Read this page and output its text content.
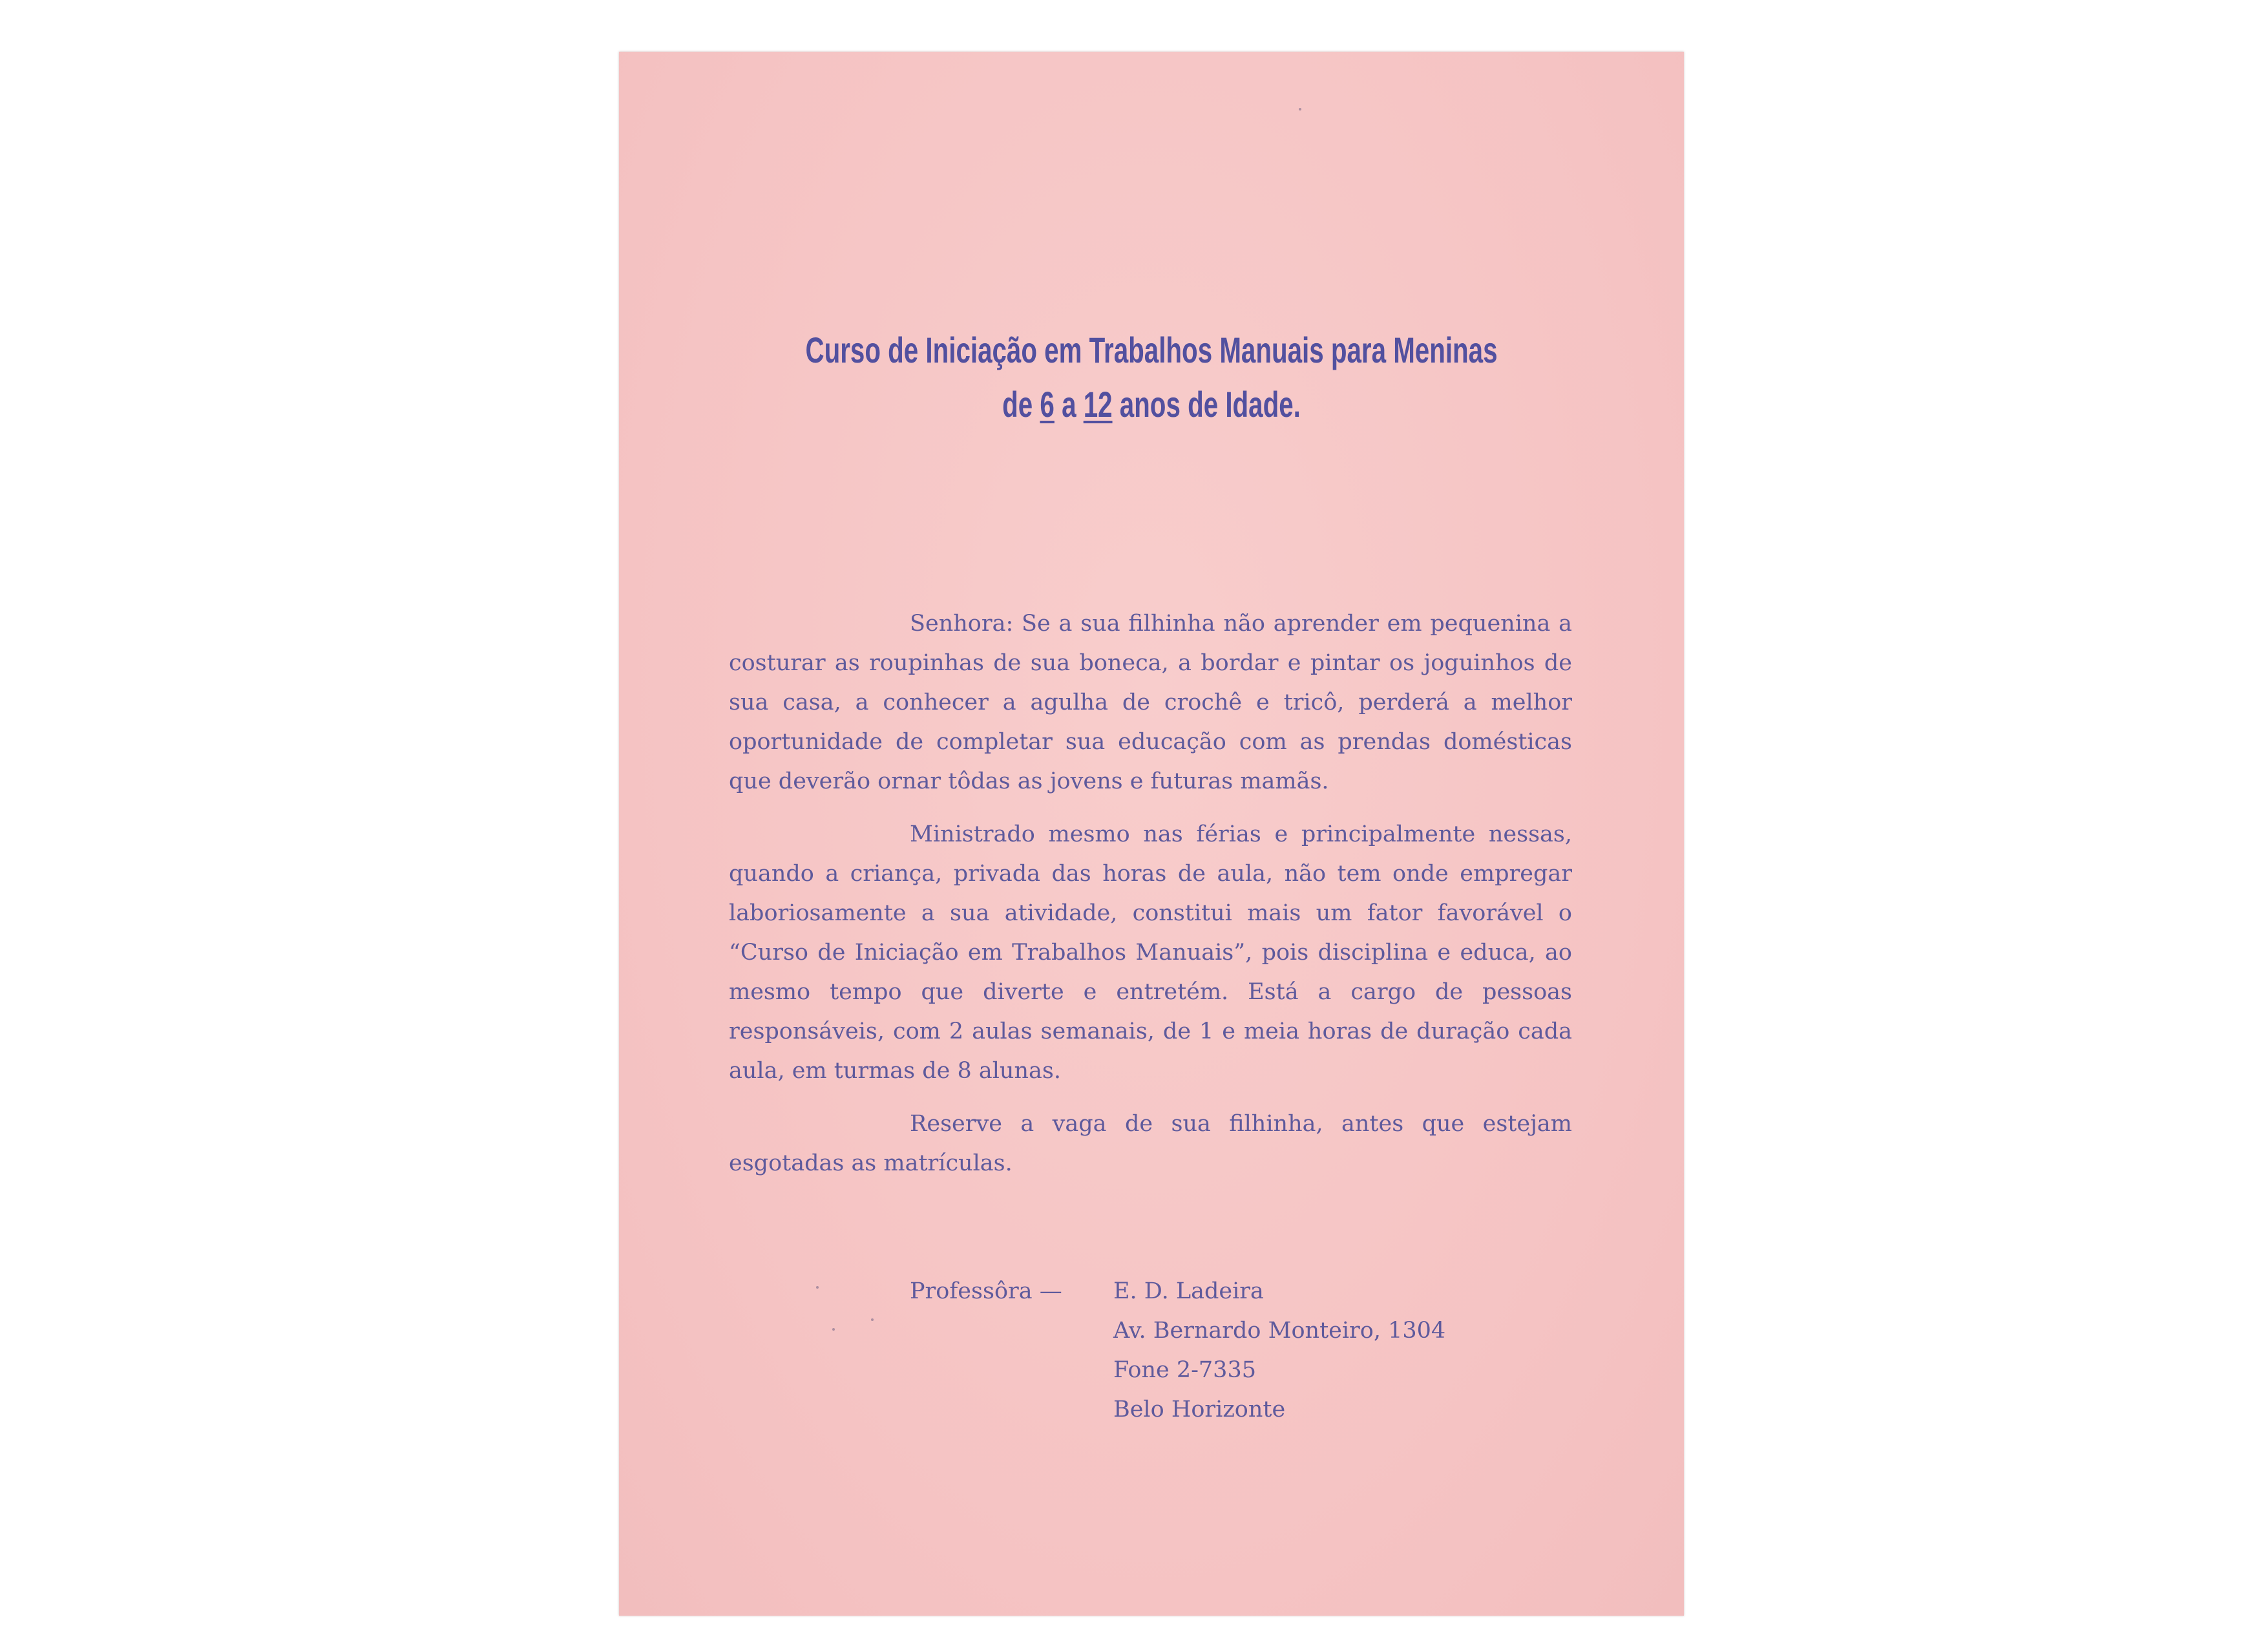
Curso de Iniciação em Trabalhos Manuais para Meninas
de 6 a 12 anos de Idade.

Senhora: Se a sua filhinha não aprender em pequenina a costurar as roupinhas de sua boneca, a bordar e pintar os joguinhos de sua casa, a conhecer a agulha de crochê e tricô, perderá a melhor oportunidade de completar sua educação com as prendas domésticas que deverão ornar tôdas as jovens e futuras mamãs.

Ministrado mesmo nas férias e principalmente nessas, quando a criança, privada das horas de aula, não tem onde empregar laboriosamente a sua atividade, constitui mais um fator favorável o “Curso de Iniciação em Trabalhos Manuais”, pois disciplina e educa, ao mesmo tempo que diverte e entretém. Está a cargo de pessoas responsáveis, com 2 aulas semanais, de 1 e meia horas de duração cada aula, em turmas de 8 alunas.

Reserve a vaga de sua filhinha, antes que estejam esgotadas as matrículas.

Professôra — E. D. Ladeira
Av. Bernardo Monteiro, 1304
Fone 2-7335
Belo Horizonte
